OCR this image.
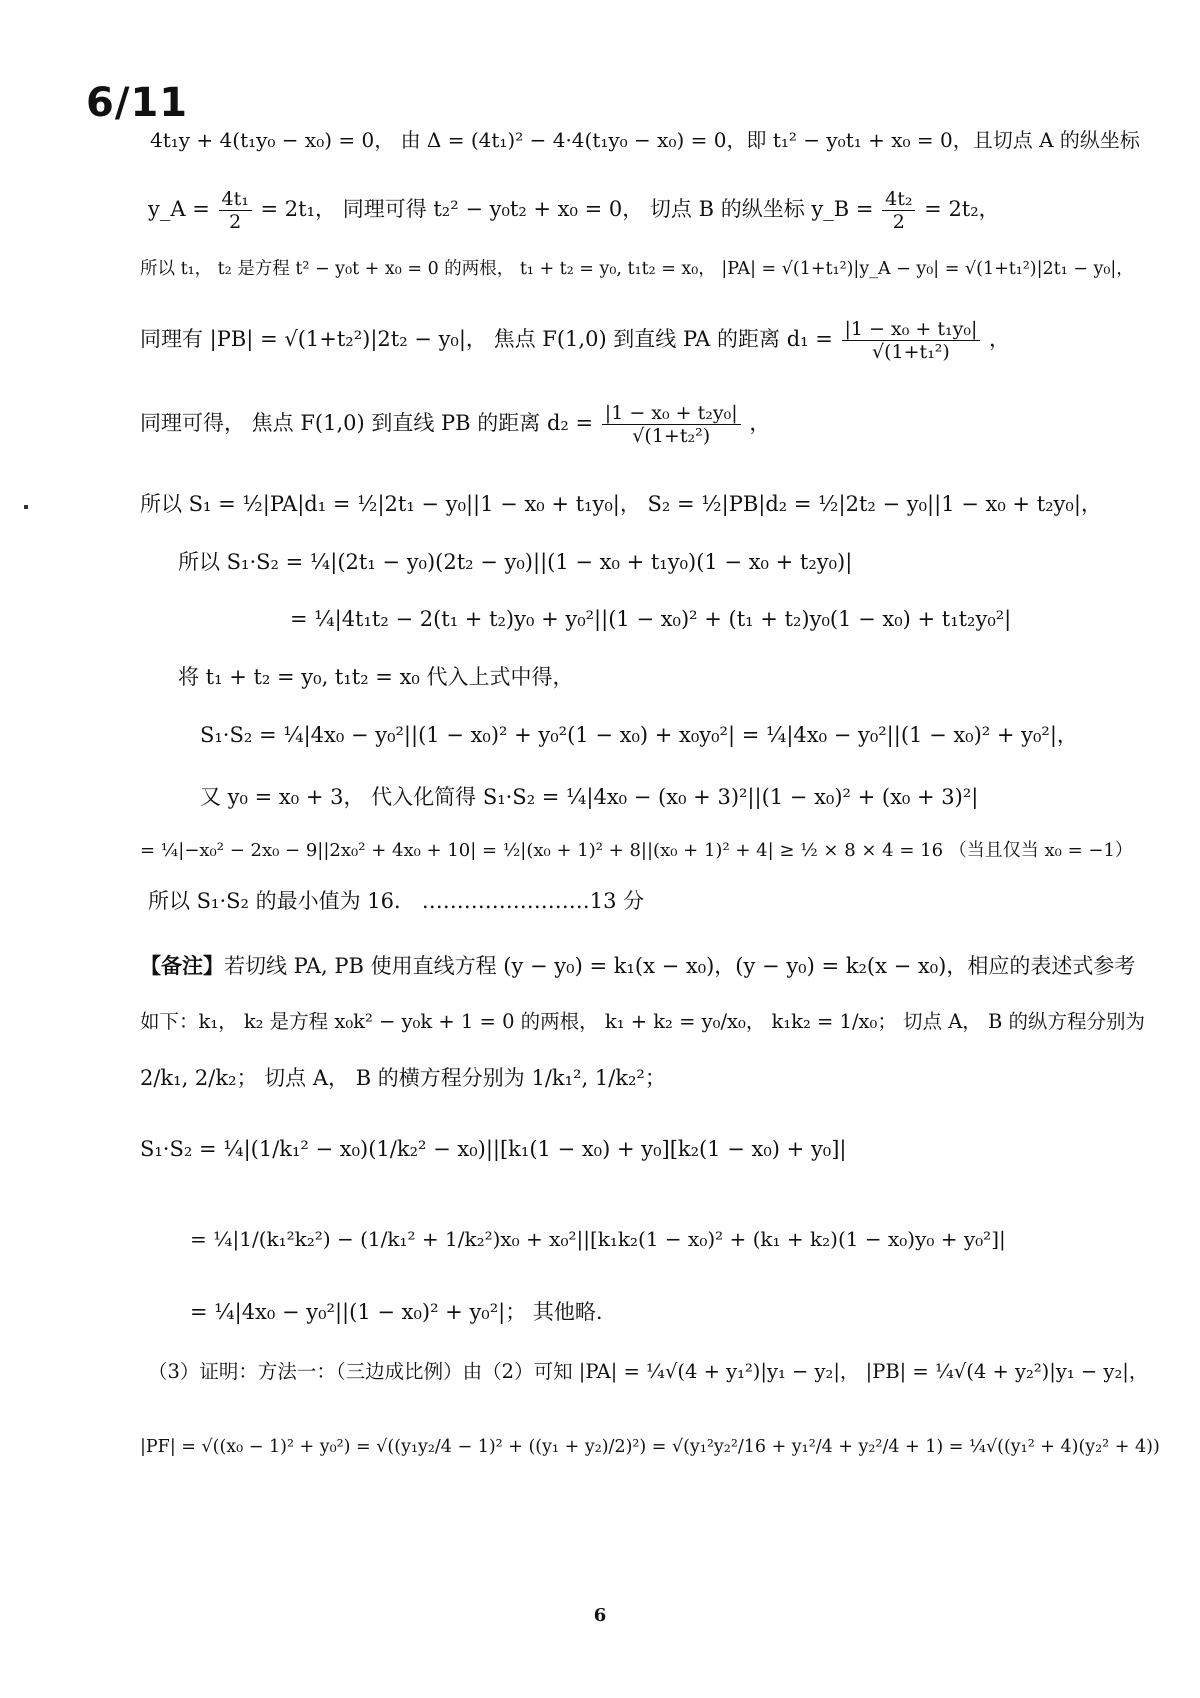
6/11
4t₁y + 4(t₁y₀ − x₀) = 0， 由 Δ = (4t₁)² − 4·4(t₁y₀ − x₀) = 0，即 t₁² − y₀t₁ + x₀ = 0，且切点 A 的纵坐标
y_A = $\frac{\text{4t₁}}{2} = 2t_1$， 同理可得 t₂² − y₀t₂ + x₀ = 0， 切点 B 的纵坐标 y_B = $\frac{\text{4t₂}}{2} = 2t_2$，
所以 t₁， t₂ 是方程 t² − y₀t + x₀ = 0 的两根， t₁ + t₂ = y₀, t₁t₂ = x₀， |PA| = √(1+t₁²)|y_A − y₀| = √(1+t₁²)|2t₁ − y₀|，
同理有 |PB| = √(1+t₂²)|2t₂ − y₀|， 焦点 F(1,0) 到直线 PA 的距离 $d_1 = \frac{\text{|1 − x₀ + t₁y₀|}}{\text{√(1+t₁²)}}$ ，
同理可得， 焦点 F(1,0) 到直线 PB 的距离 $d_2 = \frac{\text{|1 − x₀ + t₂y₀|}}{\text{√(1+t₂²)}}$ ，
所以 S₁ = ½|PA|d₁ = ½|2t₁ − y₀||1 − x₀ + t₁y₀|， S₂ = ½|PB|d₂ = ½|2t₂ − y₀||1 − x₀ + t₂y₀|，
所以 S₁·S₂ = ¼|(2t₁ − y₀)(2t₂ − y₀)||(1 − x₀ + t₁y₀)(1 − x₀ + t₂y₀)|
= ¼|4t₁t₂ − 2(t₁ + t₂)y₀ + y₀²||(1 − x₀)² + (t₁ + t₂)y₀(1 − x₀) + t₁t₂y₀²|
将 t₁ + t₂ = y₀, t₁t₂ = x₀ 代入上式中得，
S₁·S₂ = ¼|4x₀ − y₀²||(1 − x₀)² + y₀²(1 − x₀) + x₀y₀²| = ¼|4x₀ − y₀²||(1 − x₀)² + y₀²|，
又 y₀ = x₀ + 3， 代入化简得 S₁·S₂ = ¼|4x₀ − (x₀ + 3)²||(1 − x₀)² + (x₀ + 3)²|
= ¼|−x₀² − 2x₀ − 9||2x₀² + 4x₀ + 10| = ½|(x₀ + 1)² + 8||(x₀ + 1)² + 4| ≥ ½ × 8 × 4 = 16 （当且仅当 x₀ = −1）
所以 S₁·S₂ 的最小值为 16． ……………………13 分
【备注】若切线 PA, PB 使用直线方程 (y − y₀) = k₁(x − x₀)，(y − y₀) = k₂(x − x₀)，相应的表述式参考
如下：k₁， k₂ 是方程 x₀k² − y₀k + 1 = 0 的两根， k₁ + k₂ = y₀/x₀， k₁k₂ = 1/x₀； 切点 A， B 的纵方程分别为
2/k₁, 2/k₂； 切点 A， B 的横方程分别为 1/k₁², 1/k₂²；
S₁·S₂ = ¼|(1/k₁² − x₀)(1/k₂² − x₀)||[k₁(1 − x₀) + y₀][k₂(1 − x₀) + y₀]|
= ¼|1/(k₁²k₂²) − (1/k₁² + 1/k₂²)x₀ + x₀²||[k₁k₂(1 − x₀)² + (k₁ + k₂)(1 − x₀)y₀ + y₀²]|
= ¼|4x₀ − y₀²||(1 − x₀)² + y₀²|； 其他略.
（3）证明：方法一：（三边成比例）由（2）可知 |PA| = ¼√(4 + y₁²)|y₁ − y₂|， |PB| = ¼√(4 + y₂²)|y₁ − y₂|，
|PF| = √((x₀ − 1)² + y₀²) = √((y₁y₂/4 − 1)² + ((y₁ + y₂)/2)²) = √(y₁²y₂²/16 + y₁²/4 + y₂²/4 + 1) = ¼√((y₁² + 4)(y₂² + 4))
6
